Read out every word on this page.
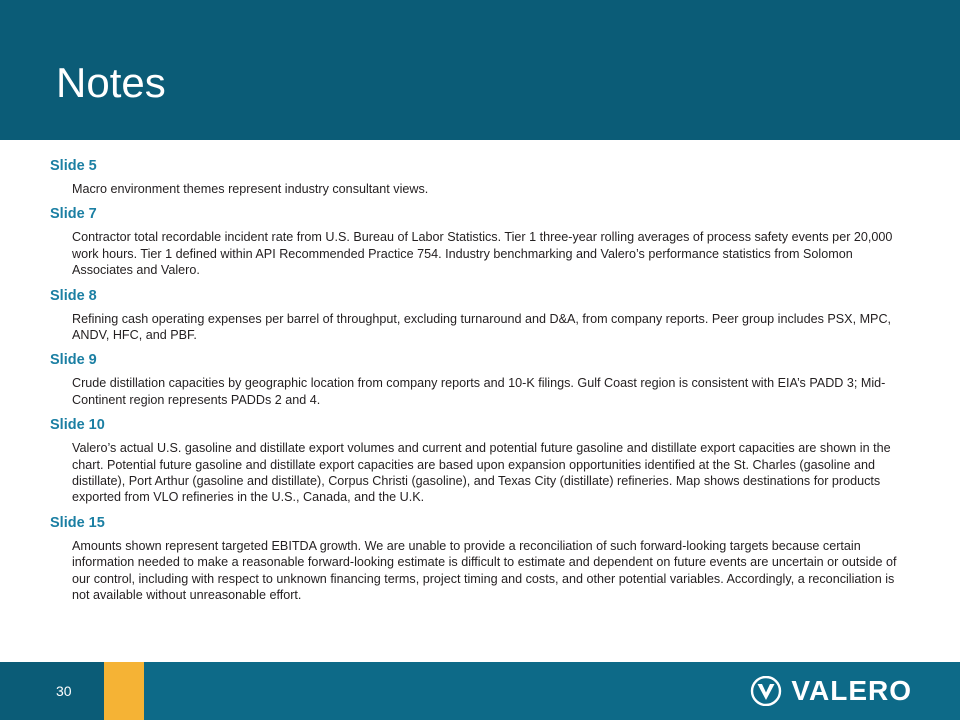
Notes
Slide 5
Macro environment themes represent industry consultant views.
Slide 7
Contractor total recordable incident rate from U.S. Bureau of Labor Statistics. Tier 1 three-year rolling averages of process safety events per 20,000 work hours. Tier 1 defined within API Recommended Practice 754. Industry benchmarking and Valero’s performance statistics from Solomon Associates and Valero.
Slide 8
Refining cash operating expenses per barrel of throughput, excluding turnaround and D&A, from company reports. Peer group includes PSX, MPC, ANDV, HFC, and PBF.
Slide 9
Crude distillation capacities by geographic location from company reports and 10-K filings. Gulf Coast region is consistent with EIA’s PADD 3; Mid-Continent region represents PADDs 2 and 4.
Slide 10
Valero’s actual U.S. gasoline and distillate export volumes and current and potential future gasoline and distillate export capacities are shown in the chart. Potential future gasoline and distillate export capacities are based upon expansion opportunities identified at the St. Charles (gasoline and distillate), Port Arthur (gasoline and distillate), Corpus Christi (gasoline), and Texas City (distillate) refineries. Map shows destinations for products exported from VLO refineries in the U.S., Canada, and the U.K.
Slide 15
Amounts shown represent targeted EBITDA growth. We are unable to provide a reconciliation of such forward-looking targets because certain information needed to make a reasonable forward-looking estimate is difficult to estimate and dependent on future events are uncertain or outside of our control, including with respect to unknown financing terms, project timing and costs, and other potential variables. Accordingly, a reconciliation is not available without unreasonable effort.
30	VALERO
